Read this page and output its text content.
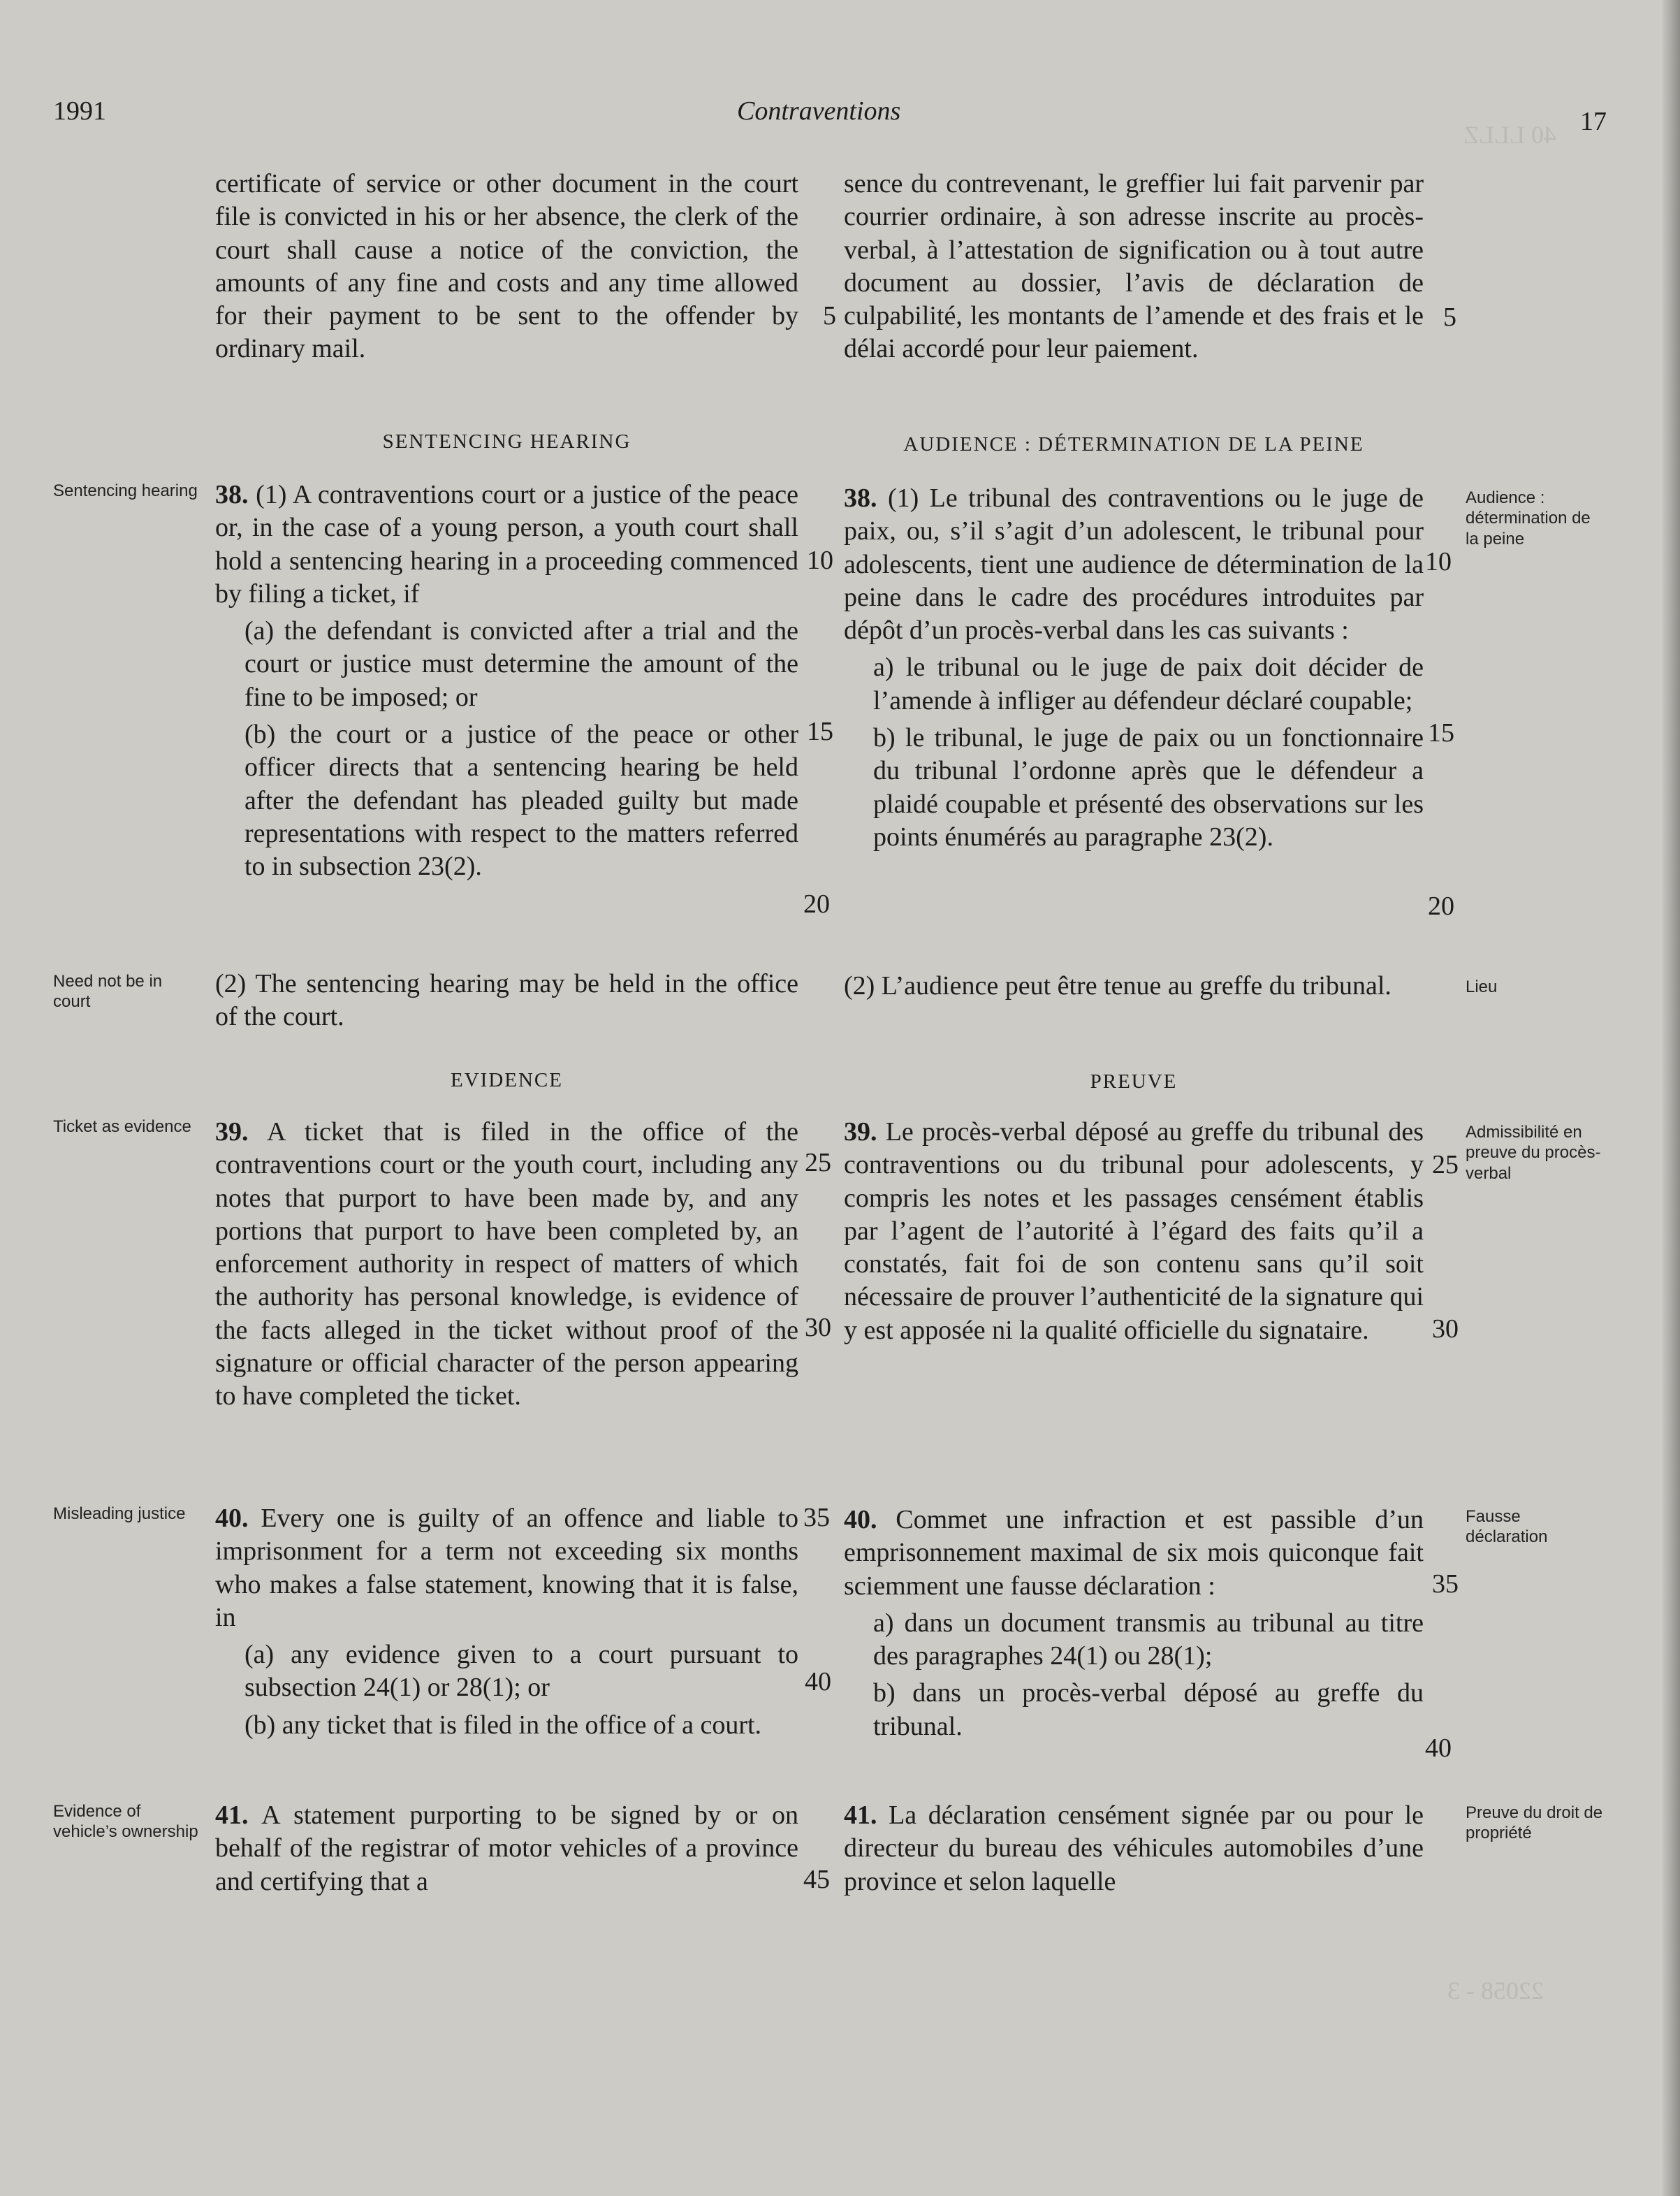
40 LLLZ
22058 - 3
1991	Contraventions	17
certificate of service or other document in the court file is convicted in his or her absence, the clerk of the court shall cause a notice of the conviction, the amounts of any fine and costs and any time allowed for their payment to be sent to the offender by ordinary mail.
sence du contrevenant, le greffier lui fait parvenir par courrier ordinaire, à son adresse inscrite au procès-verbal, à l’attestation de signification ou à tout autre document au dossier, l’avis de déclaration de culpabilité, les montants de l’amende et des frais et le délai accordé pour leur paiement.
SENTENCING HEARING	AUDIENCE : DÉTERMINATION DE LA PEINE

38. (1) A contraventions court or a justice of the peace or, in the case of a young person, a youth court shall hold a sentencing hearing in a proceeding commenced by filing a ticket, if

(a) the defendant is convicted after a trial and the court or justice must determine the amount of the fine to be imposed; or

(b) the court or a justice of the peace or other officer directs that a sentencing hearing be held after the defendant has pleaded guilty but made representations with respect to the matters referred to in subsection 23(2).

38. (1) Le tribunal des contraventions ou le juge de paix, ou, s’il s’agit d’un adolescent, le tribunal pour adolescents, tient une audience de détermination de la peine dans le cadre des procédures introduites par dépôt d’un procès-verbal dans les cas suivants :

a) le tribunal ou le juge de paix doit décider de l’amende à infliger au défendeur déclaré coupable;

b) le tribunal, le juge de paix ou un fonctionnaire du tribunal l’ordonne après que le défendeur a plaidé coupable et présenté des observations sur les points énumérés au paragraphe 23(2).

(2) The sentencing hearing may be held in the office of the court.
(2) L’audience peut être tenue au greffe du tribunal.
EVIDENCE	PREUVE
39. A ticket that is filed in the office of the contraventions court or the youth court, including any notes that purport to have been made by, and any portions that purport to have been completed by, an enforcement authority in respect of matters of which the authority has personal knowledge, is evidence of the facts alleged in the ticket without proof of the signature or official character of the person appearing to have completed the ticket.
39. Le procès-verbal déposé au greffe du tribunal des contraventions ou du tribunal pour adolescents, y compris les notes et les passages censément établis par l’agent de l’autorité à l’égard des faits qu’il a constatés, fait foi de son contenu sans qu’il soit nécessaire de prouver l’authenticité de la signature qui y est apposée ni la qualité officielle du signataire.

40. Every one is guilty of an offence and liable to imprisonment for a term not exceeding six months who makes a false statement, knowing that it is false, in

(a) any evidence given to a court pursuant to subsection 24(1) or 28(1); or

(b) any ticket that is filed in the office of a court.

40. Commet une infraction et est passible d’un emprisonnement maximal de six mois quiconque fait sciemment une fausse déclaration :

a) dans un document transmis au tribunal au titre des paragraphes 24(1) ou 28(1);

b) dans un procès-verbal déposé au greffe du tribunal.

41. A statement purporting to be signed by or on behalf of the registrar of motor vehicles of a province and certifying that a
41. La déclaration censément signée par ou pour le directeur du bureau des véhicules automobiles d’une province et selon laquelle
Sentencing hearing
Need not be in court
Ticket as evidence
Misleading justice
Evidence of vehicle’s ownership
Audience : détermination de la peine
Lieu
Admissibilité en preuve du procès-verbal
Fausse déclaration
Preuve du droit de propriété
5
10
15
20
25
30
35
40
45
5
10
15
20
25
30
35
40
